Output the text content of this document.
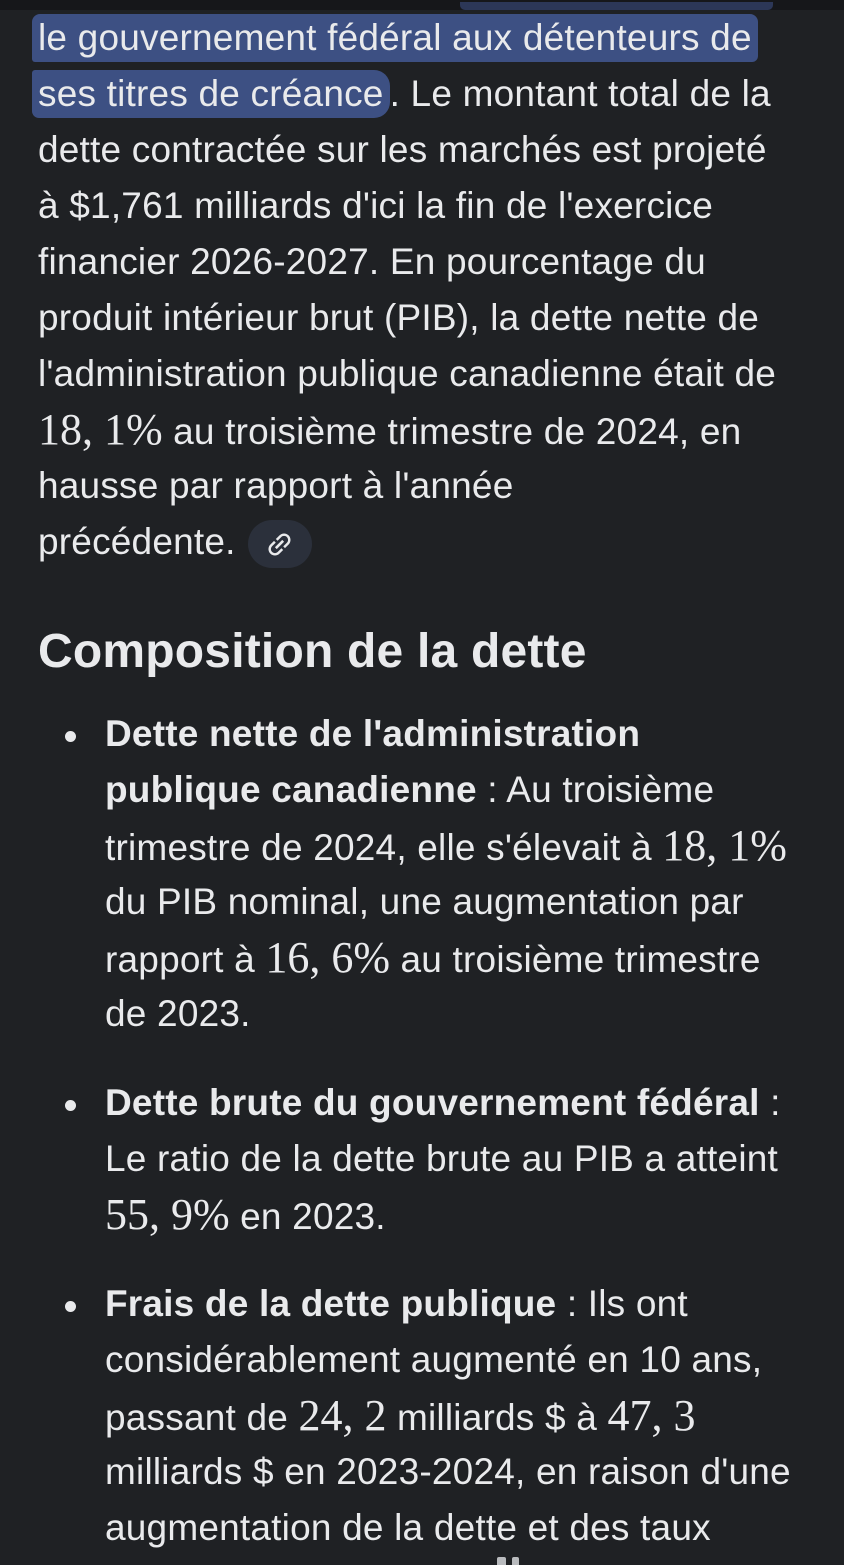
le gouvernement fédéral aux détenteurs de
ses titres de créance . Le montant total de la
dette contractée sur les marchés est projeté
à $1,761 milliards d'ici la fin de l'exercice
financier 2026-2027. En pourcentage du
produit intérieur brut (PIB), la dette nette de
l'administration publique canadienne était de
18, 1% au troisième trimestre de 2024, en
hausse par rapport à l'année
précédente.
Composition de la dette
Dette nette de l'administration
publique canadienne : Au troisième
trimestre de 2024, elle s'élevait à 18, 1%
du PIB nominal, une augmentation par
rapport à 16, 6% au troisième trimestre
de 2023.
Dette brute du gouvernement fédéral :
Le ratio de la dette brute au PIB a atteint
55, 9% en 2023.
Frais de la dette publique : Ils ont
considérablement augmenté en 10 ans,
passant de 24, 2 milliards $ à 47, 3
milliards $ en 2023-2024, en raison d'une
augmentation de la dette et des taux
